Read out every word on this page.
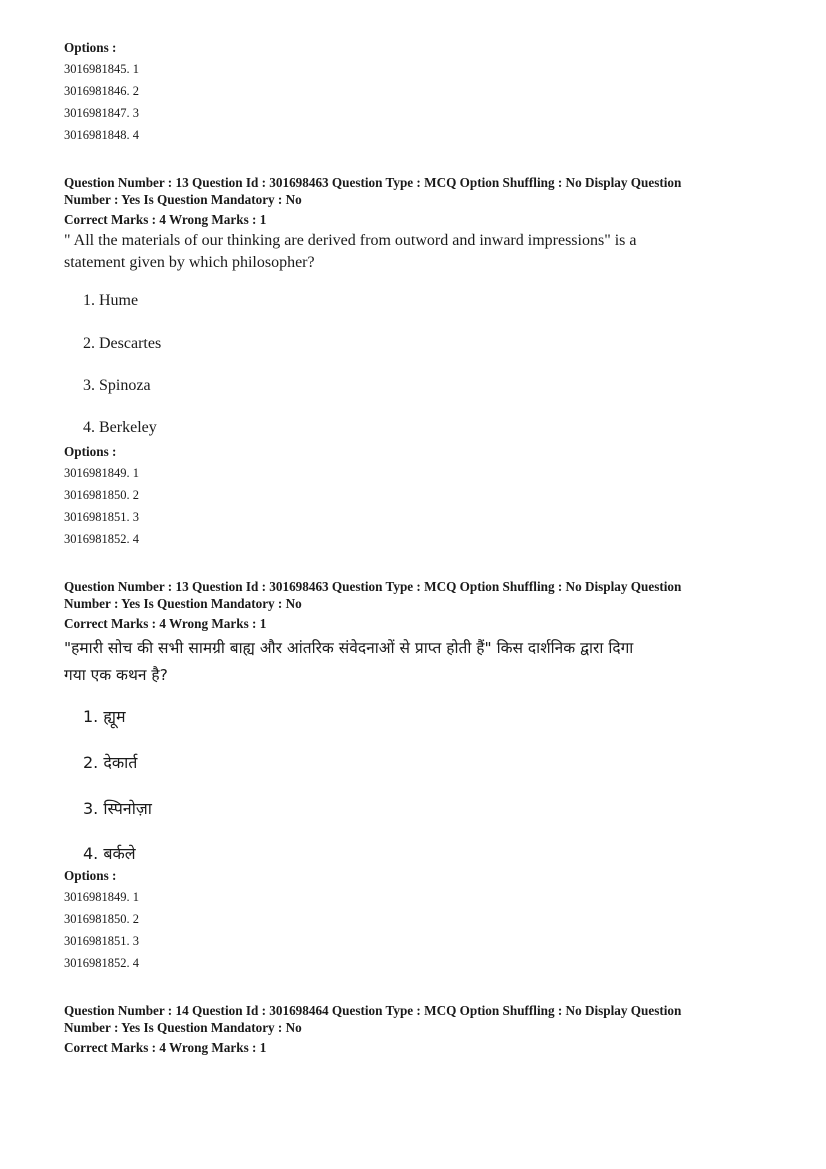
Options :
3016981845. 1
3016981846. 2
3016981847. 3
3016981848. 4
Question Number : 13 Question Id : 301698463 Question Type : MCQ Option Shuffling : No Display Question
Number : Yes Is Question Mandatory : No
Correct Marks : 4 Wrong Marks : 1
" All the materials of our thinking are derived from outword and inward impressions" is a
statement given by which philosopher?
1. Hume
2. Descartes
3. Spinoza
4. Berkeley
Options :
3016981849. 1
3016981850. 2
3016981851. 3
3016981852. 4
Question Number : 13 Question Id : 301698463 Question Type : MCQ Option Shuffling : No Display Question
Number : Yes Is Question Mandatory : No
Correct Marks : 4 Wrong Marks : 1
"हमारी सोच की सभी सामग्री बाह्य और आंतरिक संवेदनाओं से प्राप्त होती हैं" किस दार्शनिक द्वारा दिगा
गया एक कथन है?
1. ह्यूम
2. देकार्त
3. स्पिनोज़ा
4. बर्कले
Options :
3016981849. 1
3016981850. 2
3016981851. 3
3016981852. 4
Question Number : 14 Question Id : 301698464 Question Type : MCQ Option Shuffling : No Display Question
Number : Yes Is Question Mandatory : No
Correct Marks : 4 Wrong Marks : 1
